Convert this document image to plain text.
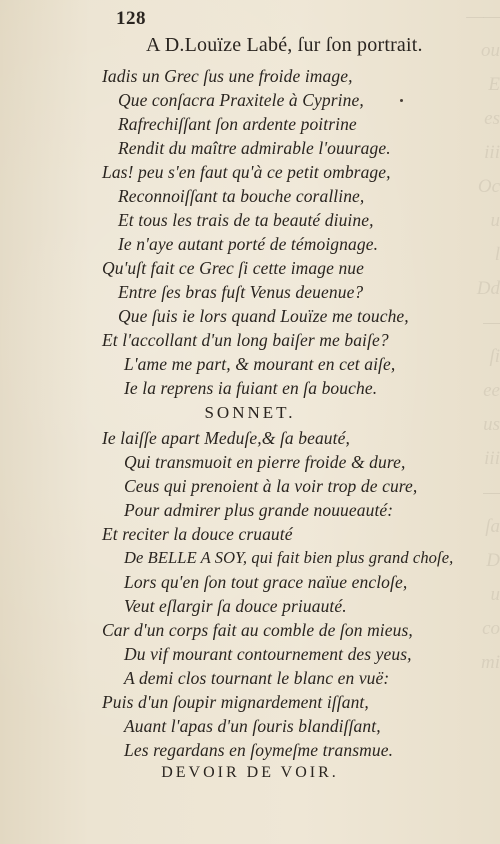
——
ou
E
es
iii
Oc
u
l
Dd
—
ſi
ee
us
iii
—
ſa
D
u
co
mi
128
A D.Louïze Labé, ſur ſon portrait.
Iadis un Grec ſus une froide image,
Que conſacra Praxitele à Cyprine,
Rafrechiſſant ſon ardente poitrine
Rendit du maître admirable l'ouurage.
Las! peu s'en faut qu'à ce petit ombrage,
Reconnoiſſant ta bouche coralline,
Et tous les trais de ta beauté diuine,
Ie n'aye autant porté de témoignage.
Qu'uſt fait ce Grec ſi cette image nue
Entre ſes bras fuſt Venus deuenue?
Que ſuis ie lors quand Louïze me touche,
Et l'accollant d'un long baiſer me baiſe?
L'ame me part, & mourant en cet aiſe,
Ie la reprens ia fuiant en ſa bouche.
SONNET.
Ie laiſſe apart Meduſe,& ſa beauté,
Qui transmuoit en pierre froide & dure,
Ceus qui prenoient à la voir trop de cure,
Pour admirer plus grande nouueauté:
Et reciter la douce cruauté
De BELLE A SOY, qui fait bien plus grand choſe,
Lors qu'en ſon tout grace naïue encloſe,
Veut eſlargir ſa douce priuauté.
Car d'un corps fait au comble de ſon mieus,
Du vif mourant contournement des yeus,
A demi clos tournant le blanc en vuë:
Puis d'un ſoupir mignardement iſſant,
Auant l'apas d'un ſouris blandiſſant,
Les regardans en ſoymeſme transmue.
DEVOIR DE VOIR.
